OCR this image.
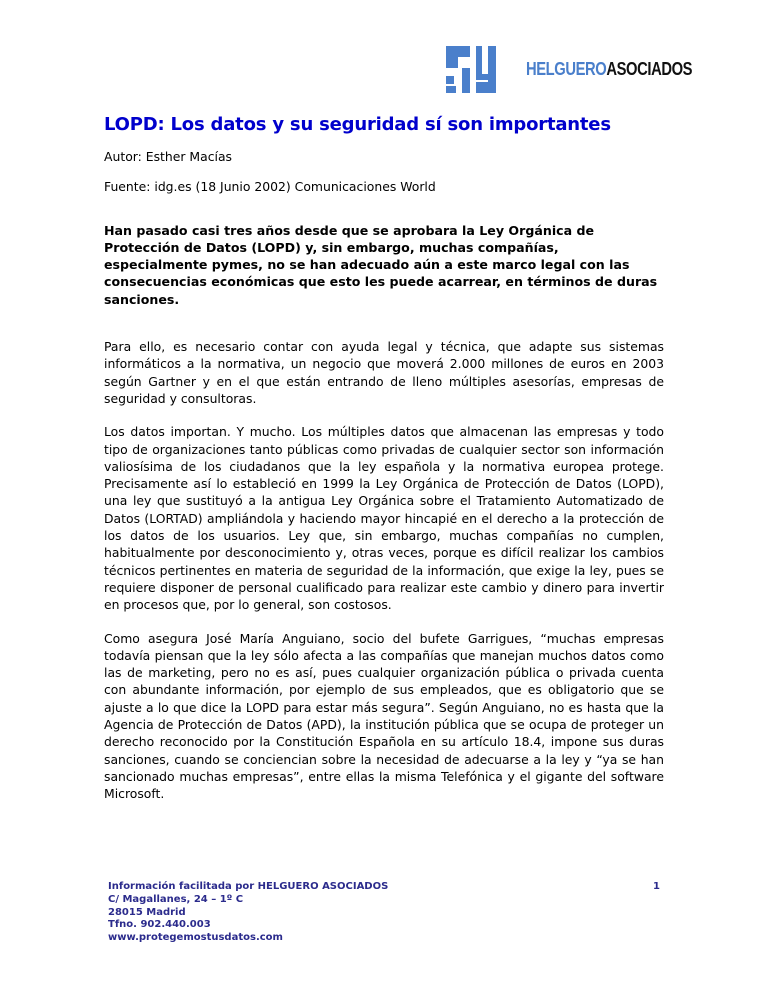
HELGUEROASOCIADOS
LOPD: Los datos y su seguridad sí son importantes

Autor: Esther Macías

Fuente: idg.es (18 Junio 2002) Comunicaciones World

Han pasado casi tres años desde que se aprobara la Ley Orgánica de Protección de Datos (LOPD) y, sin embargo, muchas compañías, especialmente pymes, no se han adecuado aún a este marco legal con las consecuencias económicas que esto les puede acarrear, en términos de duras sanciones.

Para ello, es necesario contar con ayuda legal y técnica, que adapte sus sistemas informáticos a la normativa, un negocio que moverá 2.000 millones de euros en 2003 según Gartner y en el que están entrando de lleno múltiples asesorías, empresas de seguridad y consultoras.

Los datos importan. Y mucho. Los múltiples datos que almacenan las empresas y todo tipo de organizaciones tanto públicas como privadas de cualquier sector son información valiosísima de los ciudadanos que la ley española y la normativa europea protege. Precisamente así lo estableció en 1999 la Ley Orgánica de Protección de Datos (LOPD), una ley que sustituyó a la antigua Ley Orgánica sobre el Tratamiento Automatizado de Datos (LORTAD) ampliándola y haciendo mayor hincapié en el derecho a la protección de los datos de los usuarios. Ley que, sin embargo, muchas compañías no cumplen, habitualmente por desconocimiento y, otras veces, porque es difícil realizar los cambios técnicos pertinentes en materia de seguridad de la información, que exige la ley, pues se requiere disponer de personal cualificado para realizar este cambio y dinero para invertir en procesos que, por lo general, son costosos.

Como asegura José María Anguiano, socio del bufete Garrigues, “muchas empresas todavía piensan que la ley sólo afecta a las compañías que manejan muchos datos como las de marketing, pero no es así, pues cualquier organización pública o privada cuenta con abundante información, por ejemplo de sus empleados, que es obligatorio que se ajuste a lo que dice la LOPD para estar más segura”. Según Anguiano, no es hasta que la Agencia de Protección de Datos (APD), la institución pública que se ocupa de proteger un derecho reconocido por la Constitución Española en su artículo 18.4, impone sus duras sanciones, cuando se conciencian sobre la necesidad de adecuarse a la ley y “ya se han sancionado muchas empresas”, entre ellas la misma Telefónica y el gigante del software Microsoft.

Información facilitada por HELGUERO ASOCIADOS
C/ Magallanes, 24 – 1º C
28015 Madrid
Tfno. 902.440.003
www.protegemostusdatos.com
1
